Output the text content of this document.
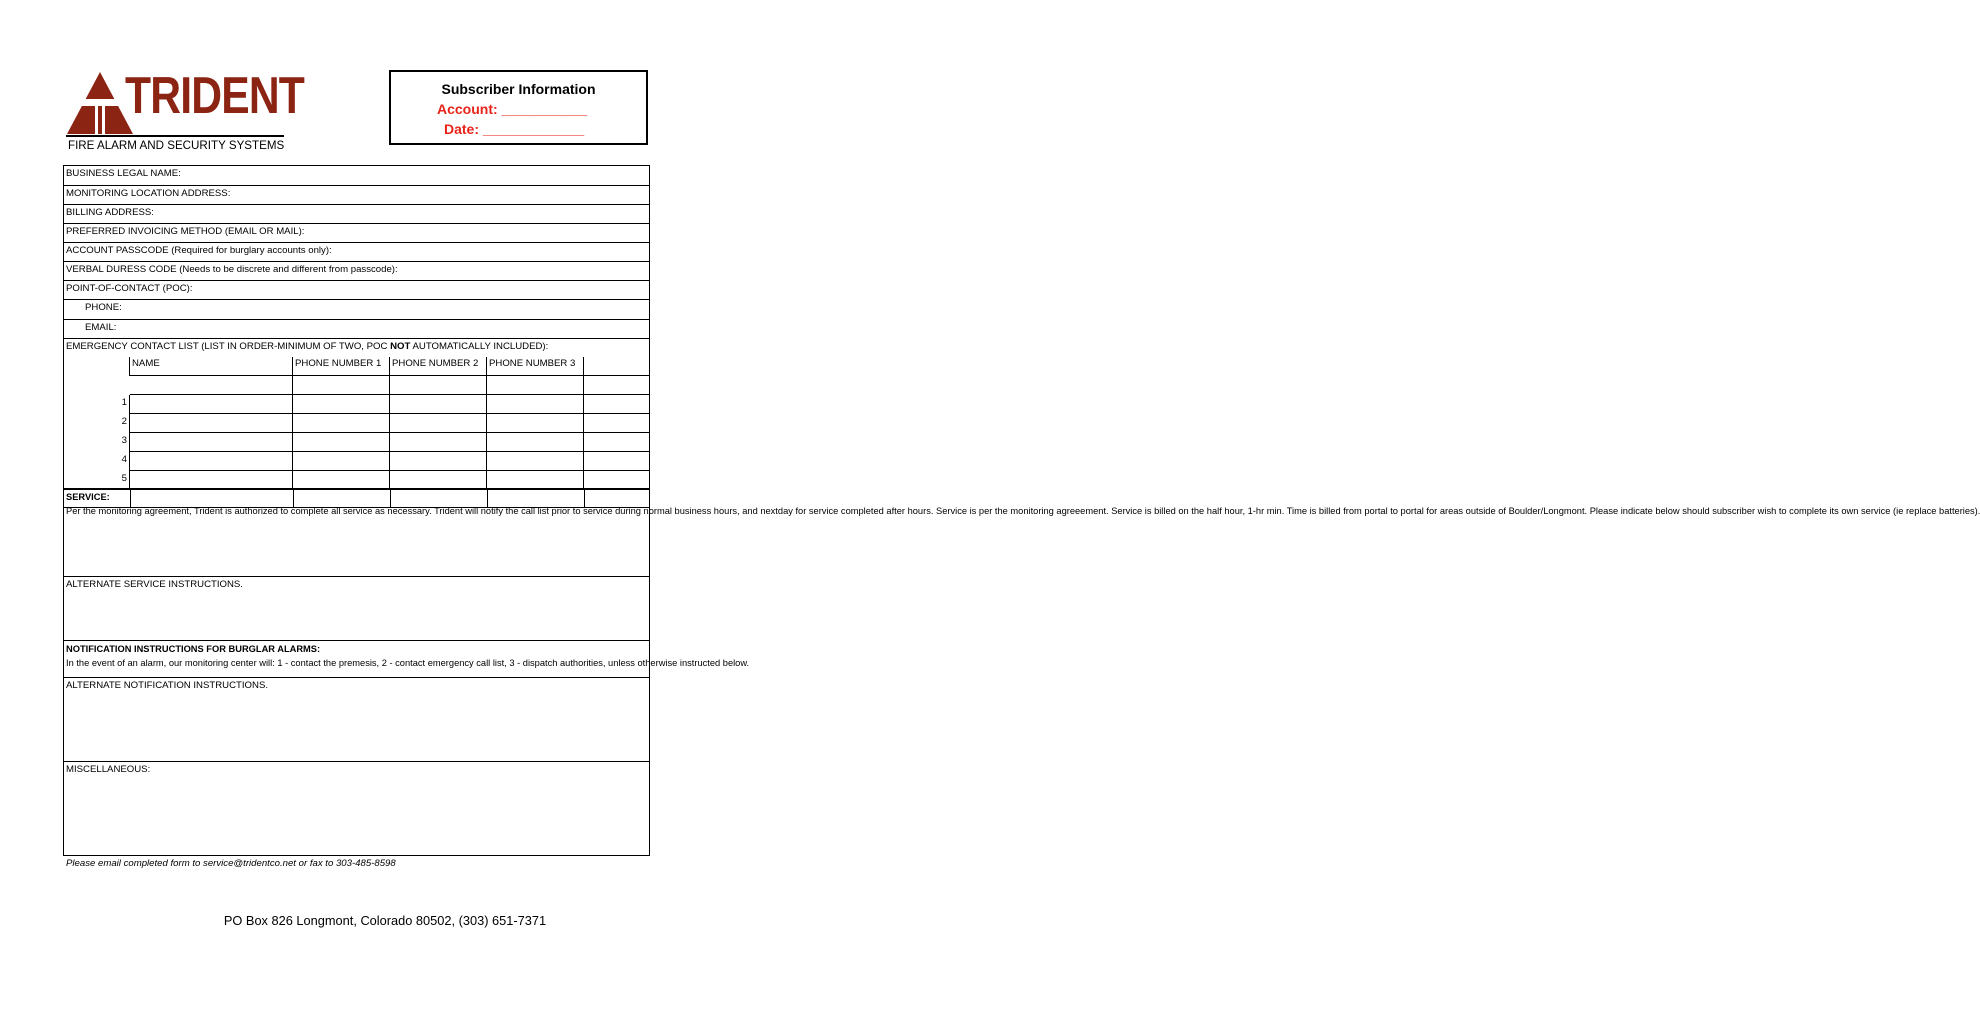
TRIDENT
FIRE ALARM AND SECURITY SYSTEMS
Subscriber Information
Account: ___________
Date: _____________
BUSINESS LEGAL NAME:
MONITORING LOCATION ADDRESS:
BILLING ADDRESS:
PREFERRED INVOICING METHOD (EMAIL OR MAIL):
ACCOUNT PASSCODE (Required for burglary accounts only):
VERBAL DURESS CODE (Needs to be discrete and different from passcode):
POINT-OF-CONTACT (POC):
PHONE:
EMAIL:
EMERGENCY CONTACT LIST (LIST IN ORDER-MINIMUM OF TWO, POC NOT AUTOMATICALLY INCLUDED):
NAME	PHONE NUMBER 1	PHONE NUMBER 2	PHONE NUMBER 3
1
2
3
4
5
SERVICE: Per the monitoring agreement, Trident is authorized to complete all service as necessary. Trident will notify the call list prior to service during normal business hours, and nextday for service completed after hours. Service is per the monitoring agreeement. Service is billed on the half hour, 1-hr min. Time is billed from portal to portal for areas outside of Boulder/Longmont. Please indicate below should subscriber wish to complete its own service (ie replace batteries).
ALTERNATE SERVICE INSTRUCTIONS.
NOTIFICATION INSTRUCTIONS FOR BURGLAR ALARMS: In the event of an alarm, our monitoring center will: 1 - contact the premesis, 2 - contact emergency call list, 3 - dispatch authorities, unless otherwise instructed below.
ALTERNATE NOTIFICATION INSTRUCTIONS.
MISCELLANEOUS:
Please email completed form to service@tridentco.net or fax to 303-485-8598
PO Box 826 Longmont, Colorado 80502, (303) 651-7371
